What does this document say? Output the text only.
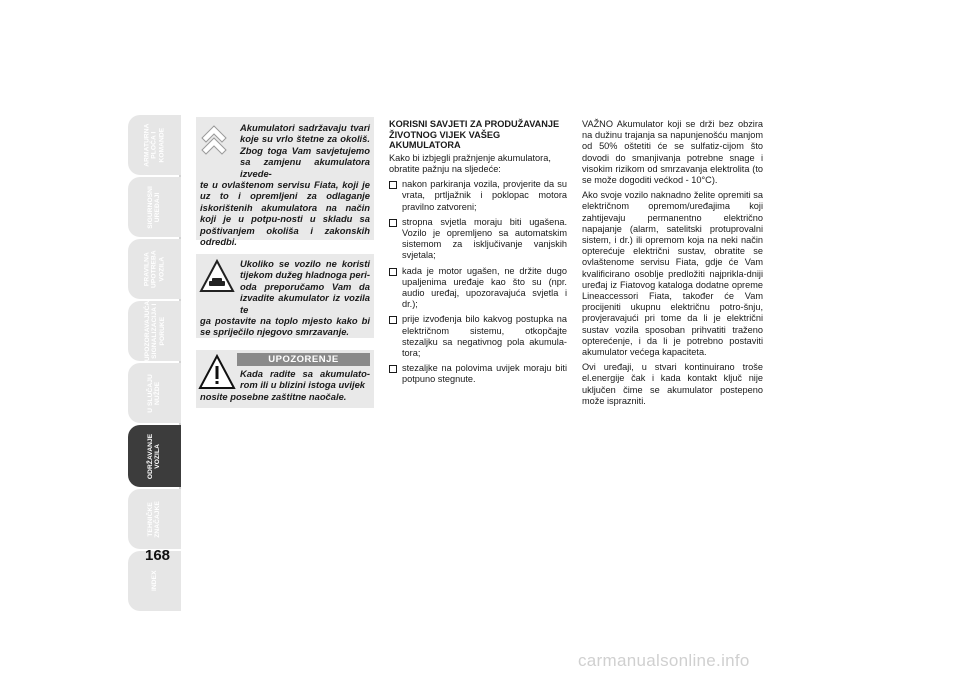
ARMATURNA
PLOČA I
KOMANDE
SIGURNOSNI
UREĐAJI
PRAVILNA
UPOTREBA
VOZILA
UPOZORAVAJUĆA
SIGNALIZACIJA I
PORUKE
U SLUČAJU
NUŽDE
ODRŽAVANJE
VOZILA
TEHNIČKE
ZNAČAJKE
INDEX
168

Akumulatori sadržavaju tvari koje su vrlo štetne za okoliš. Zbog toga Vam savjetujemo sa zamjenu akumulatora izvede-

te u ovlaštenom servisu Fiata, koji je uz to i opremljeni za odlaganje iskorištenih akumulatora na način koji je u potpu-nosti u skladu sa poštivanjem okoliša i zakonskih odredbi.

Ukoliko se vozilo ne koristi tijekom dužeg hladnoga peri-oda preporučamo Vam da izvadite akumulator iz vozila te

ga postavite na toplo mjesto kako bi se spriječilo njegovo smrzavanje.

UPOZORENJE

Kada radite sa akumulato-rom ili u blizini istoga uvijek

nosite posebne zaštitne naočale.

KORISNI SAVJETI ZA PRODUŽAVANJE ŽIVOTNOG VIJEK VAŠEG AKUMULATORA

Kako bi izbjegli pražnjenje akumulatora, obratite pažnju na sljedeće:

nakon parkiranja vozila, provjerite da su vrata, prtljažnik i poklopac motora pravilno zatvoreni;
stropna svjetla moraju biti ugašena. Vozilo je opremljeno sa automatskim sistemom za isključivanje vanjskih svjetala;
kada je motor ugašen, ne držite dugo upaljenima uređaje kao što su (npr. audio uređaj, upozoravajuća svjetla i dr.);
prije izvođenja bilo kakvog postupka na električnom sistemu, otkopčajte stezaljku sa negativnog pola akumula-tora;
stezaljke na polovima uvijek moraju biti potpuno stegnute.

VAŽNO Akumulator koji se drži bez obzira na dužinu trajanja sa napunjenošću manjom od 50% oštetiti će se sulfatiz-cijom što dovodi do smanjivanja potrebne snage i visokim rizikom od smrzavanja elektrolita (to se može dogoditi većkod - 10°C).

Ako svoje vozilo naknadno želite opremiti sa električnom opremom/uređajima koji zahtijevaju permanentno električno napajanje (alarm, satelitski protuprovalni sistem, i dr.) ili opremom koja na neki način opterećuje električni sustav, obratite se ovlaštenome servisu Fiata, gdje će Vam kvalificirano osoblje predložiti najprikla-dniji uređaj iz Fiatovog kataloga dodatne opreme Lineaccessori Fiata, također će Vam procijeniti ukupnu električnu potro-šnju, provjeravajući pri tome da li je električni sustav vozila sposoban prihvatiti traženo opterećenje, i da li je potrebno postaviti akumulator većega kapaciteta.

Ovi uređaji, u stvari kontinuirano troše el.energije čak i kada kontakt ključ nije uključen čime se akumulator postepeno može isprazniti.

carmanualsonline.info
